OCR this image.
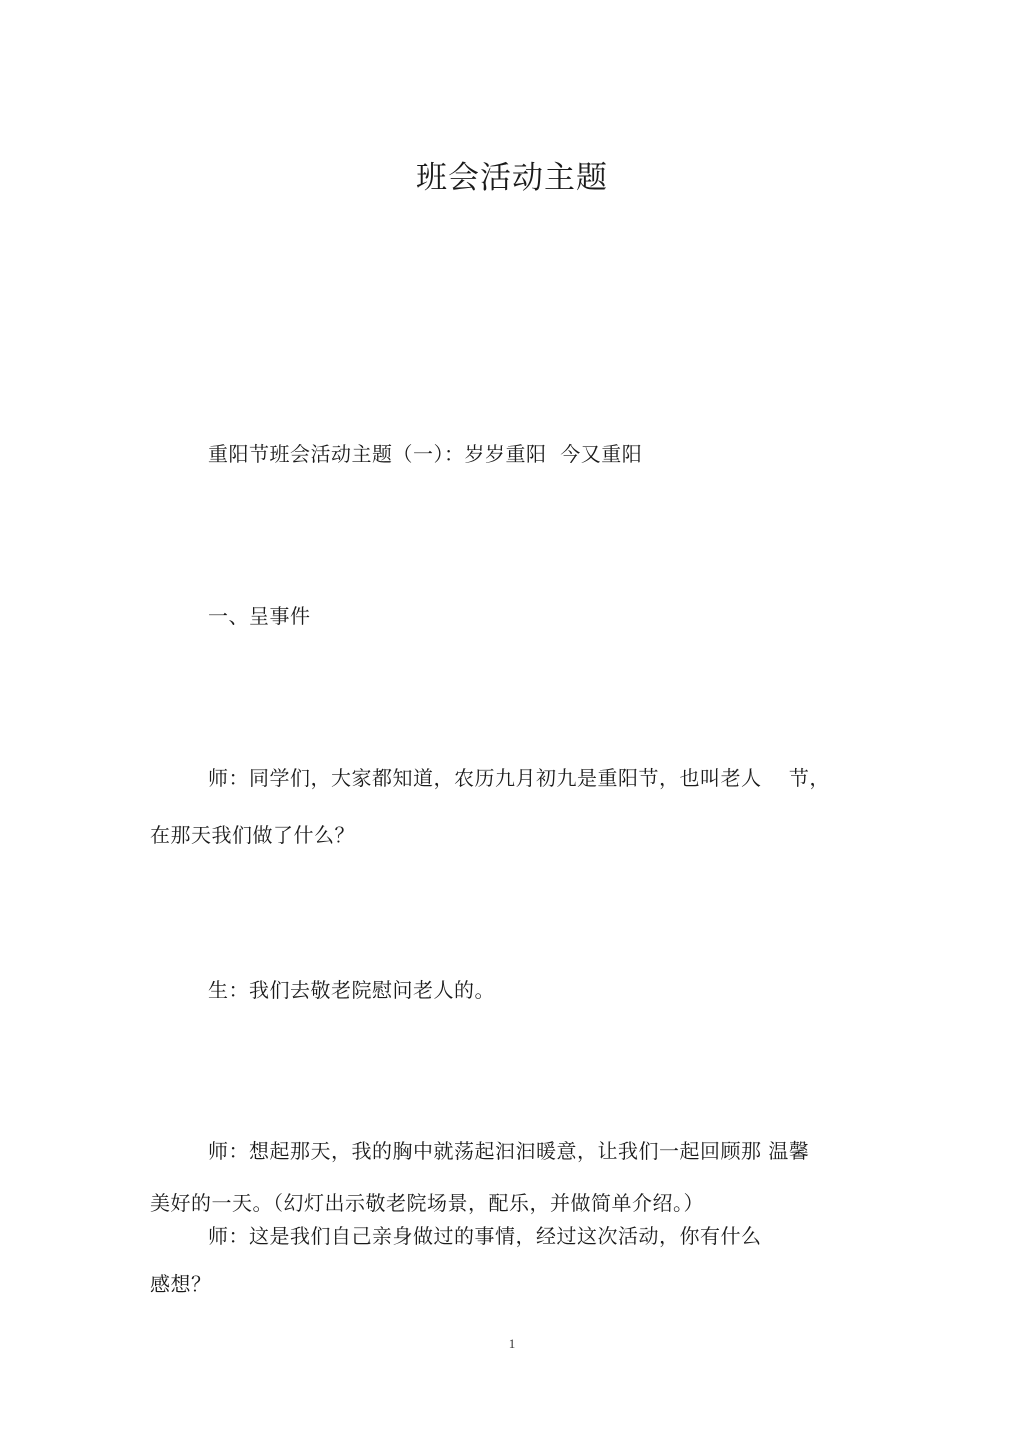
班会活动主题
重阳节班会活动主题（一）：岁岁重阳  今又重阳
一、呈事件
师：同学们，大家都知道，农历九月初九是重阳节，也叫老人    节，
在那天我们做了什么？
生：我们去敬老院慰问老人的。
师：想起那天，我的胸中就荡起汩汩暖意，让我们一起回顾那 温馨
美好的一天。（幻灯出示敬老院场景，配乐，并做简单介绍。）
师：这是我们自己亲身做过的事情，经过这次活动，你有什么
感想？
1
